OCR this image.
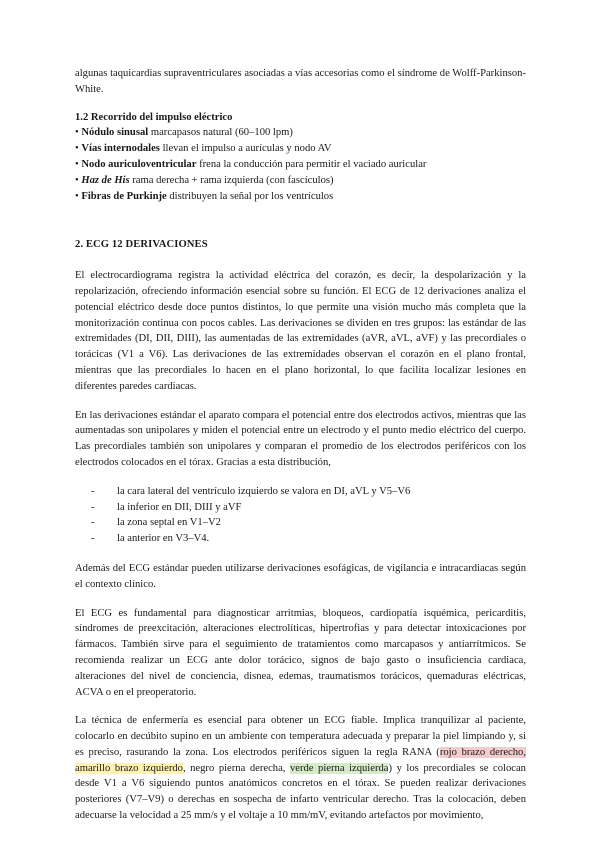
algunas taquicardias supraventriculares asociadas a vías accesorias como el síndrome de Wolff-Parkinson-White.

1.2 Recorrido del impulso eléctrico

• Nódulo sinusal marcapasos natural (60–100 lpm)
• Vías internodales llevan el impulso a aurículas y nodo AV
• Nodo auriculoventricular frena la conducción para permitir el vaciado auricular
• Haz de His rama derecha + rama izquierda (con fascículos)
• Fibras de Purkinje distribuyen la señal por los ventrículos

2. ECG 12 DERIVACIONES

El electrocardiograma registra la actividad eléctrica del corazón, es decir, la despolarización y la repolarización, ofreciendo información esencial sobre su función. El ECG de 12 derivaciones analiza el potencial eléctrico desde doce puntos distintos, lo que permite una visión mucho más completa que la monitorización continua con pocos cables. Las derivaciones se dividen en tres grupos: las estándar de las extremidades (DI, DII, DIII), las aumentadas de las extremidades (aVR, aVL, aVF) y las precordiales o torácicas (V1 a V6). Las derivaciones de las extremidades observan el corazón en el plano frontal, mientras que las precordiales lo hacen en el plano horizontal, lo que facilita localizar lesiones en diferentes paredes cardiacas.

En las derivaciones estándar el aparato compara el potencial entre dos electrodos activos, mientras que las aumentadas son unipolares y miden el potencial entre un electrodo y el punto medio eléctrico del cuerpo. Las precordiales también son unipolares y comparan el promedio de los electrodos periféricos con los electrodos colocados en el tórax. Gracias a esta distribución,

- la cara lateral del ventrículo izquierdo se valora en DI, aVL y V5–V6
- la inferior en DII, DIII y aVF
- la zona septal en V1–V2
- la anterior en V3–V4.

Además del ECG estándar pueden utilizarse derivaciones esofágicas, de vigilancia e intracardiacas según el contexto clínico.

El ECG es fundamental para diagnosticar arritmias, bloqueos, cardiopatía isquémica, pericarditis, síndromes de preexcitación, alteraciones electrolíticas, hipertrofias y para detectar intoxicaciones por fármacos. También sirve para el seguimiento de tratamientos como marcapasos y antiarrítmicos. Se recomienda realizar un ECG ante dolor torácico, signos de bajo gasto o insuficiencia cardiaca, alteraciones del nivel de conciencia, disnea, edemas, traumatismos torácicos, quemaduras eléctricas, ACVA o en el preoperatorio.

La técnica de enfermería es esencial para obtener un ECG fiable. Implica tranquilizar al paciente, colocarlo en decúbito supino en un ambiente con temperatura adecuada y preparar la piel limpiando y, si es preciso, rasurando la zona. Los electrodos periféricos siguen la regla RANA (rojo brazo derecho, amarillo brazo izquierdo, negro pierna derecha, verde pierna izquierda) y los precordiales se colocan desde V1 a V6 siguiendo puntos anatómicos concretos en el tórax. Se pueden realizar derivaciones posteriores (V7–V9) o derechas en sospecha de infarto ventricular derecho. Tras la colocación, deben adecuarse la velocidad a 25 mm/s y el voltaje a 10 mm/mV, evitando artefactos por movimiento,
